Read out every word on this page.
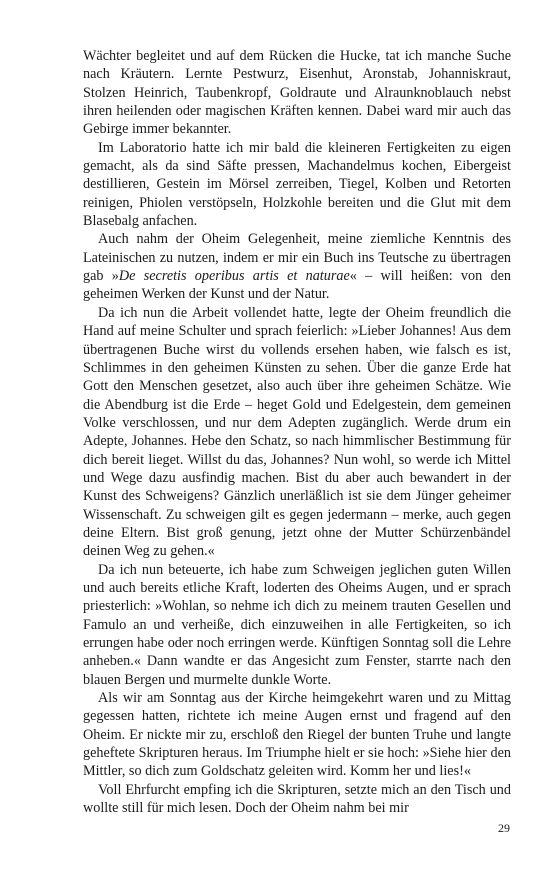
Wächter begleitet und auf dem Rücken die Hucke, tat ich manche Suche nach Kräutern. Lernte Pestwurz, Eisenhut, Aronstab, Johanniskraut, Stolzen Heinrich, Taubenkropf, Goldraute und Alraunknoblauch nebst ihren heilenden oder magischen Kräften kennen. Dabei ward mir auch das Gebirge immer bekannter.

Im Laboratorio hatte ich mir bald die kleineren Fertigkeiten zu eigen gemacht, als da sind Säfte pressen, Machandelmus kochen, Eibergeist destillieren, Gestein im Mörsel zerreiben, Tiegel, Kolben und Retorten reinigen, Phiolen verstöpseln, Holzkohle bereiten und die Glut mit dem Blasebalg anfachen.

Auch nahm der Oheim Gelegenheit, meine ziemliche Kenntnis des Lateinischen zu nutzen, indem er mir ein Buch ins Teutsche zu übertragen gab »De secretis operibus artis et naturae« – will heißen: von den geheimen Werken der Kunst und der Natur.

Da ich nun die Arbeit vollendet hatte, legte der Oheim freundlich die Hand auf meine Schulter und sprach feierlich: »Lieber Johannes! Aus dem übertragenen Buche wirst du vollends ersehen haben, wie falsch es ist, Schlimmes in den geheimen Künsten zu sehen. Über die ganze Erde hat Gott den Menschen gesetzet, also auch über ihre geheimen Schätze. Wie die Abendburg ist die Erde – heget Gold und Edelgestein, dem gemeinen Volke verschlossen, und nur dem Adepten zugänglich. Werde drum ein Adepte, Johannes. Hebe den Schatz, so nach himmlischer Bestimmung für dich bereit lieget. Willst du das, Johannes? Nun wohl, so werde ich Mittel und Wege dazu ausfindig machen. Bist du aber auch bewandert in der Kunst des Schweigens? Gänzlich unerläßlich ist sie dem Jünger geheimer Wissenschaft. Zu schweigen gilt es gegen jedermann – merke, auch gegen deine Eltern. Bist groß genung, jetzt ohne der Mutter Schürzenbändel deinen Weg zu gehen.«

Da ich nun beteuerte, ich habe zum Schweigen jeglichen guten Willen und auch bereits etliche Kraft, loderten des Oheims Augen, und er sprach priesterlich: »Wohlan, so nehme ich dich zu meinem trauten Gesellen und Famulo an und verheiße, dich einzuweihen in alle Fertigkeiten, so ich errungen habe oder noch erringen werde. Künftigen Sonntag soll die Lehre anheben.« Dann wandte er das Angesicht zum Fenster, starrte nach den blauen Bergen und murmelte dunkle Worte.

Als wir am Sonntag aus der Kirche heimgekehrt waren und zu Mittag gegessen hatten, richtete ich meine Augen ernst und fragend auf den Oheim. Er nickte mir zu, erschloß den Riegel der bunten Truhe und langte geheftete Skripturen heraus. Im Triumphe hielt er sie hoch: »Siehe hier den Mittler, so dich zum Goldschatz geleiten wird. Komm her und lies!«

Voll Ehrfurcht empfing ich die Skripturen, setzte mich an den Tisch und wollte still für mich lesen. Doch der Oheim nahm bei mir

29
